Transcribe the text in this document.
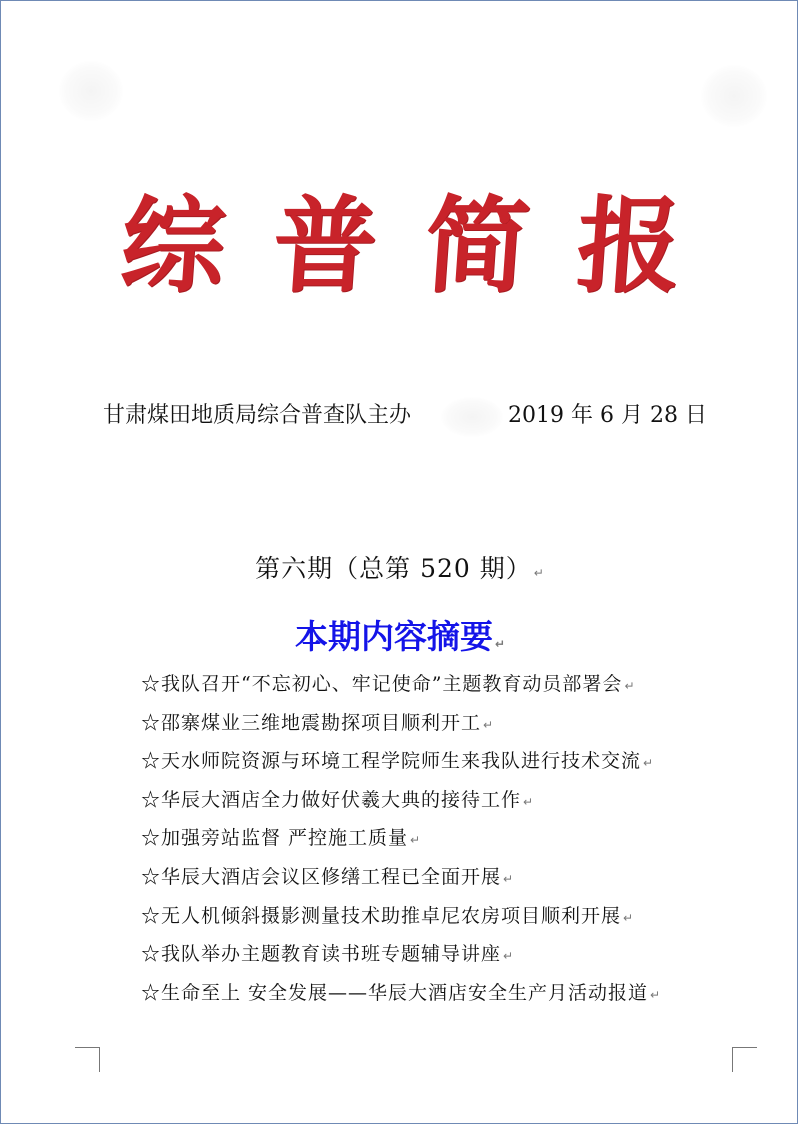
综 普 简 报
甘肃煤田地质局综合普查队主办	2019 年 6 月 28 日
第六期（总第 520 期） ↵
本期内容摘要 ↵
☆我队召开“不忘初心、牢记使命”主题教育动员部署会 ↵
☆邵寨煤业三维地震勘探项目顺利开工 ↵
☆天水师院资源与环境工程学院师生来我队进行技术交流 ↵
☆华辰大酒店全力做好伏羲大典的接待工作 ↵
☆加强旁站监督 严控施工质量 ↵
☆华辰大酒店会议区修缮工程已全面开展 ↵
☆无人机倾斜摄影测量技术助推卓尼农房项目顺利开展 ↵
☆我队举办主题教育读书班专题辅导讲座 ↵
☆生命至上 安全发展——华辰大酒店安全生产月活动报道 ↵
